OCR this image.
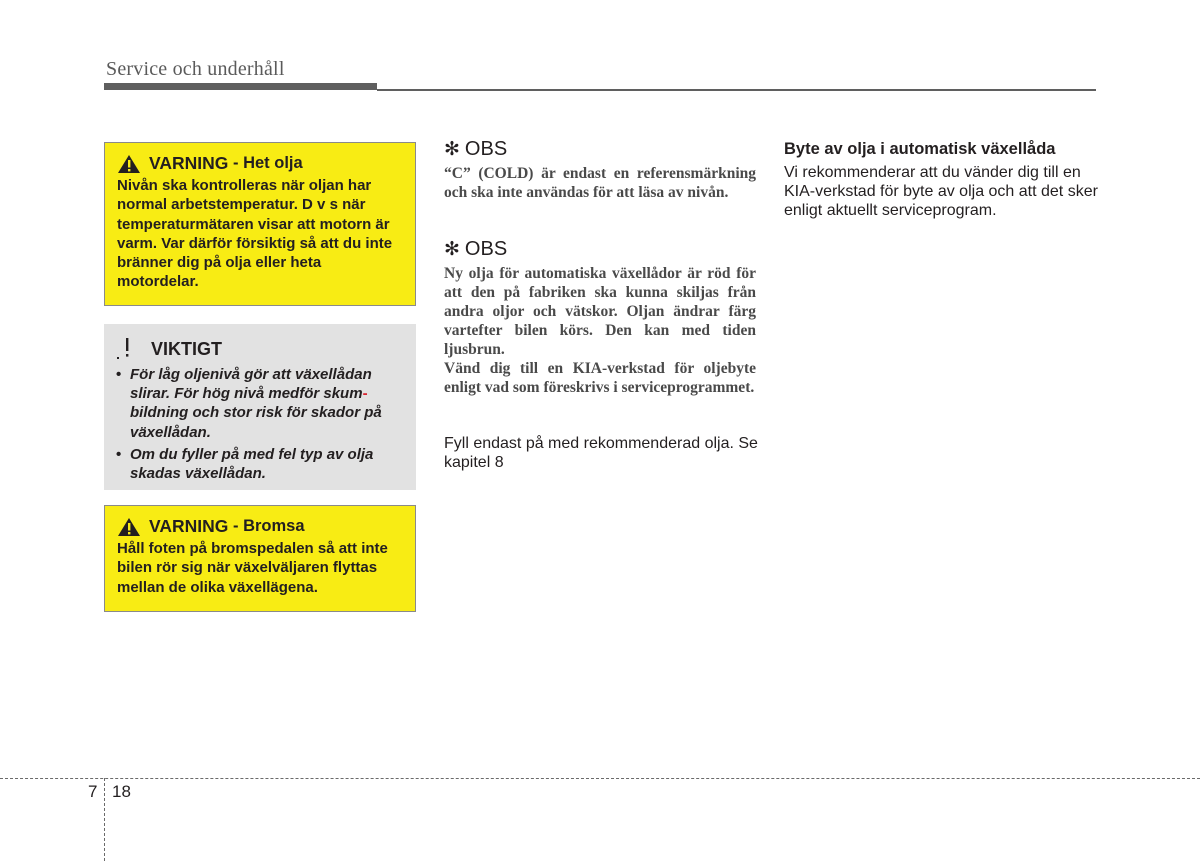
Service och underhåll
VARNING - Het olja
Nivån ska kontrolleras när oljan har normal arbetstemperatur. D v s när temperaturmätaren visar att motorn är varm. Var därför försiktig så att du inte bränner dig på olja eller heta motordelar.
VIKTIGT
• För låg oljenivå gör att växellådan slirar. För hög nivå medför skum-bildning och stor risk för skador på växellådan.
• Om du fyller på med fel typ av olja skadas växellådan.
VARNING - Bromsa
Håll foten på bromspedalen så att inte bilen rör sig när växelväljaren flyttas mellan de olika växellägena.
✻ OBS
“C” (COLD) är endast en referensmärkning och ska inte användas för att läsa av nivån.
✻ OBS
Ny olja för automatiska växellådor är röd för att den på fabriken ska kunna skiljas från andra oljor och vätskor. Oljan ändrar färg vartefter bilen körs. Den kan med tiden ljusbrun.
Vänd dig till en KIA-verkstad för oljebyte enligt vad som föreskrivs i serviceprogrammet.
Fyll endast på med rekommenderad olja. Se kapitel 8
Byte av olja i automatisk växellåda
Vi rekommenderar att du vänder dig till en KIA-verkstad för byte av olja och att det sker enligt aktuellt serviceprogram.
7 18
